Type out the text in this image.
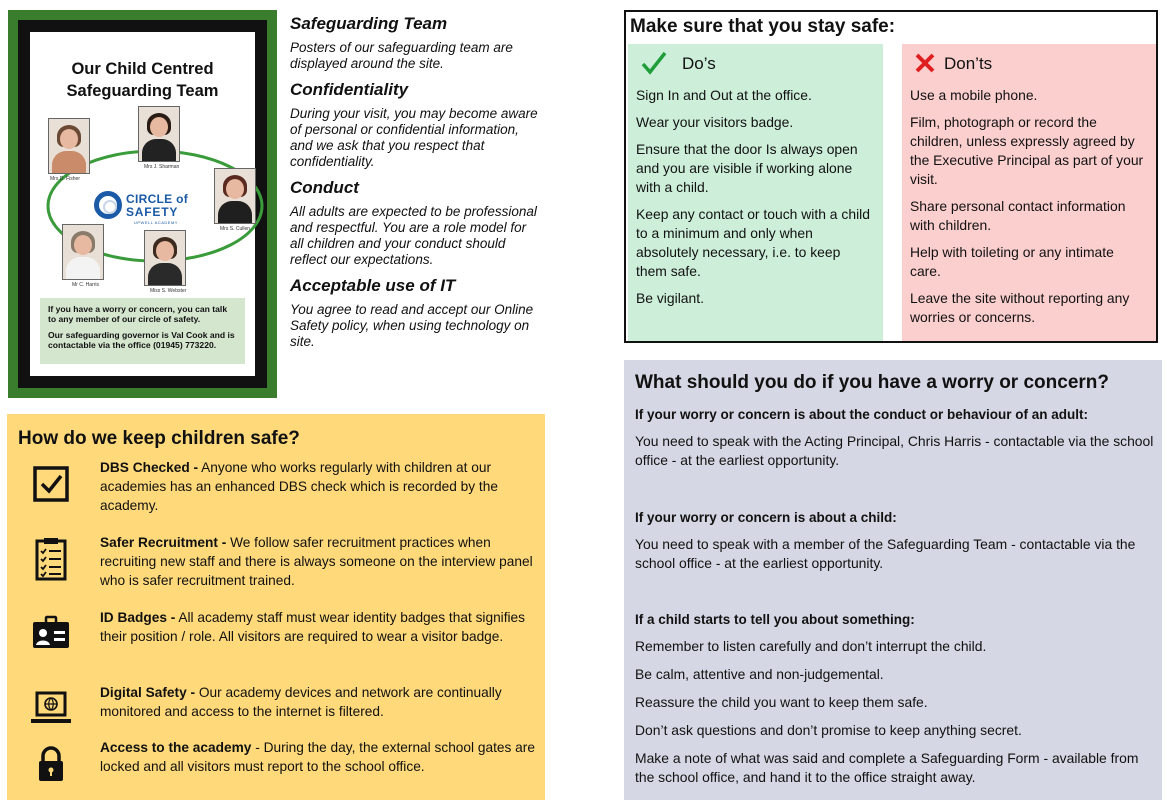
Our Child Centred
Safeguarding Team
Mrs D. Fisher
Mrs J. Sharman
Mrs S. Cullen
Mr C. Harris
Miss S. Webster
CIRCLE of
SAFETY
UPWELL ACADEMY

If you have a worry or concern, you can talk to any member of our circle of safety.

Our safeguarding governor is Val Cook and is contactable via the office (01945) 773220.

Safeguarding Team

Posters of our safeguarding team are displayed around the site.

Confidentiality

During your visit, you may become aware of personal or confidential information, and we ask that you respect that confidentiality.

Conduct

All adults are expected to be professional and respectful. You are a role model for all children and your conduct should reflect our expectations.

Acceptable use of IT

You agree to read and accept our Online Safety policy, when using technology on site.

How do we keep children safe?
DBS Checked - Anyone who works regularly with children at our academies has an enhanced DBS check which is recorded by the academy.
Safer Recruitment - We follow safer recruitment practices when recruiting new staff and there is always someone on the interview panel who is safer recruitment trained.
ID Badges - All academy staff must wear identity badges that signifies their position / role. All visitors are required to wear a visitor badge.
Digital Safety - Our academy devices and network are continually monitored and access to the internet is filtered.
Access to the academy - During the day, the external school gates are locked and all visitors must report to the school office.
Make sure that you stay safe:
Do’s

Sign In and Out at the office.

Wear your visitors badge.

Ensure that the door Is always open and you are visible if working alone with a child.

Keep any contact or touch with a child to a minimum and only when absolutely necessary, i.e. to keep them safe.

Be vigilant.

Don’ts

Use a mobile phone.

Film, photograph or record the children, unless expressly agreed by the Executive Principal as part of your visit.

Share personal contact information with children.

Help with toileting or any intimate care.

Leave the site without reporting any worries or concerns.

What should you do if you have a worry or concern?
If your worry or concern is about the conduct or behaviour of an adult:
You need to speak with the Acting Principal, Chris Harris - contactable via the school office - at the earliest opportunity.
If your worry or concern is about a child:
You need to speak with a member of the Safeguarding Team - contactable via the school office - at the earliest opportunity.
If a child starts to tell you about something:
Remember to listen carefully and don’t interrupt the child.
Be calm, attentive and non-judgemental.
Reassure the child you want to keep them safe.
Don’t ask questions and don’t promise to keep anything secret.
Make a note of what was said and complete a Safeguarding Form - available from the school office, and hand it to the office straight away.
